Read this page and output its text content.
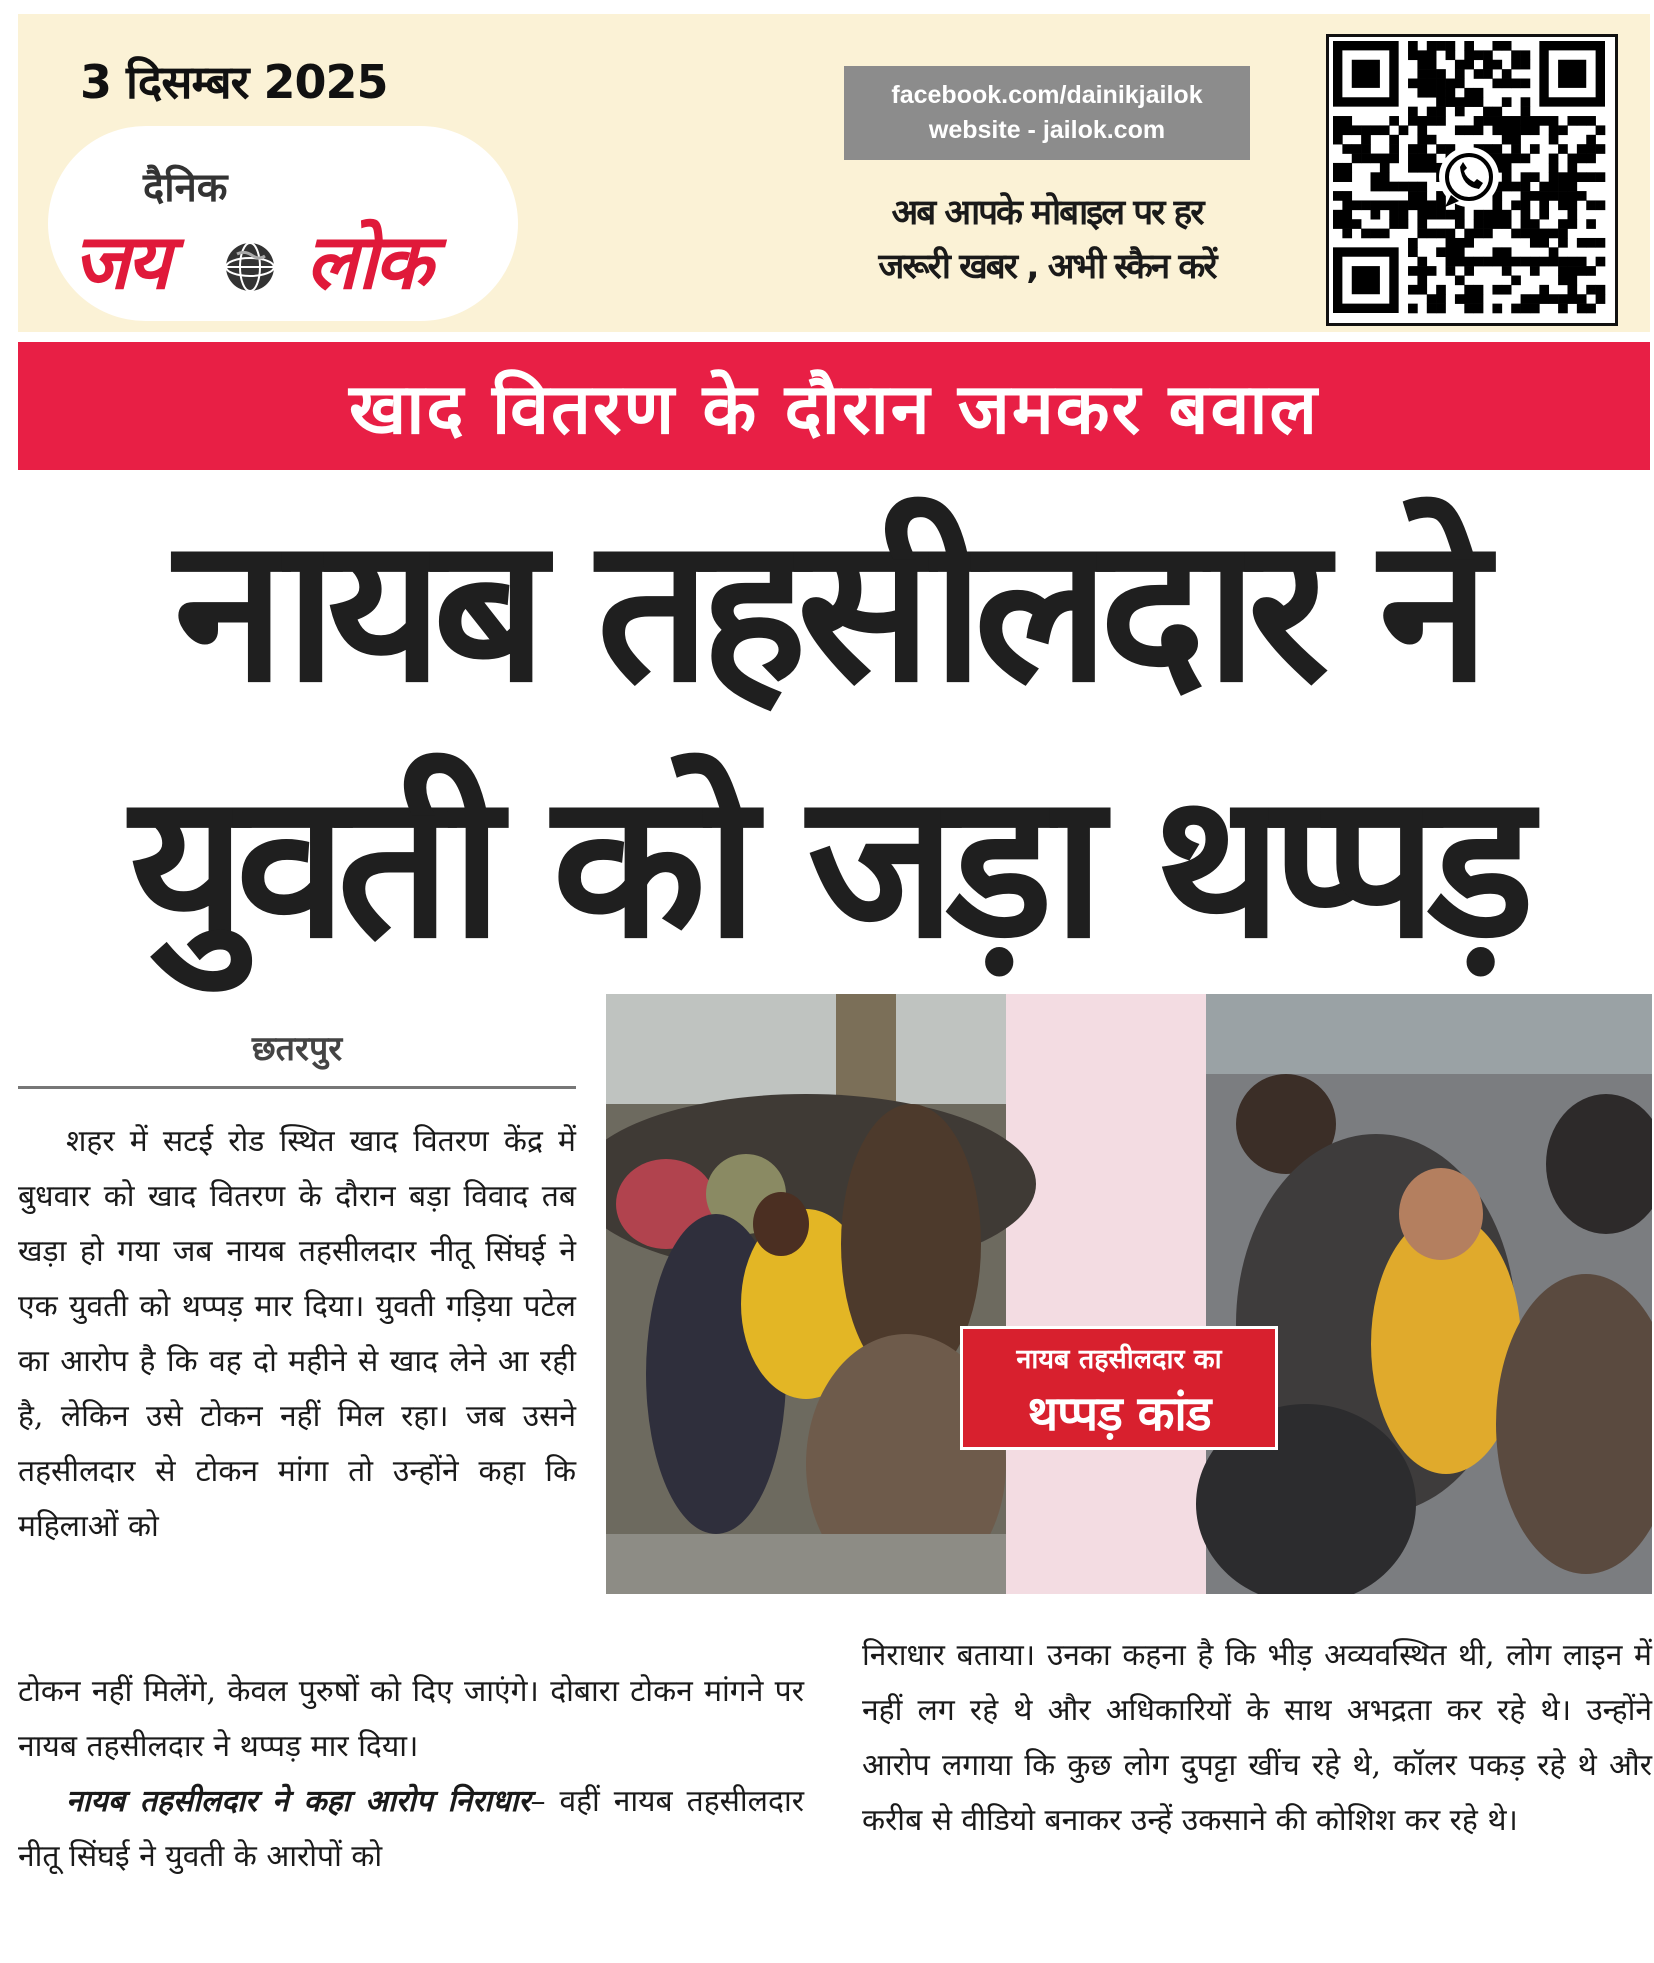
3 दिसम्बर 2025
दैनिक
जय लोक
facebook.com/dainikjailok
website - jailok.com
अब आपके मोबाइल पर हर
जरूरी खबर , अभी स्कैन करें
खाद वितरण के दौरान जमकर बवाल
नायब तहसीलदार ने
युवती को जड़ा थप्पड़
छतरपुर

शहर में सटई रोड स्थित खाद वितरण केंद्र में बुधवार को खाद वितरण के दौरान बड़ा विवाद तब खड़ा हो गया जब नायब तहसीलदार नीतू सिंघई ने एक युवती को थप्पड़ मार दिया। युवती गड़िया पटेल का आरोप है कि वह दो महीने से खाद लेने आ रही है, लेकिन उसे टोकन नहीं मिल रहा। जब उसने तहसीलदार से टोकन मांगा तो उन्होंने कहा कि महिलाओं को

टोकन नहीं मिलेंगे, केवल पुरुषों को दिए जाएंगे। दोबारा टोकन मांगने पर नायब तहसीलदार ने थप्पड़ मार दिया।

नायब तहसीलदार ने कहा आरोप निराधार– वहीं नायब तहसीलदार नीतू सिंघई ने युवती के आरोपों को

निराधार बताया। उनका कहना है कि भीड़ अव्यवस्थित थी, लोग लाइन में नहीं लग रहे थे और अधिकारियों के साथ अभद्रता कर रहे थे। उन्होंने आरोप लगाया कि कुछ लोग दुपट्टा खींच रहे थे, कॉलर पकड़ रहे थे और करीब से वीडियो बनाकर उन्हें उकसाने की कोशिश कर रहे थे।

नायब तहसीलदार का
थप्पड़ कांड
